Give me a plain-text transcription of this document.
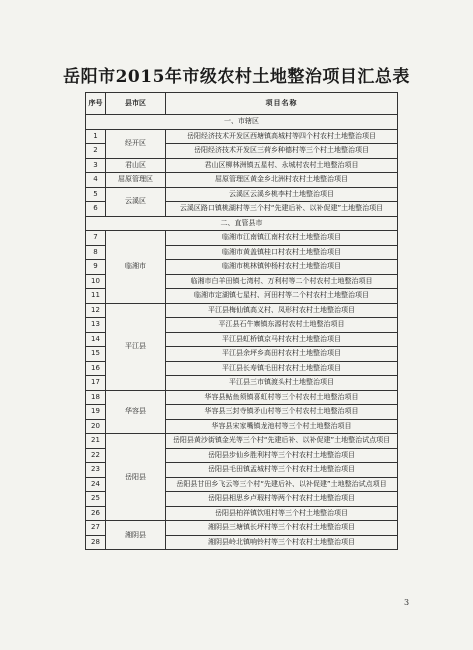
岳阳市2015年市级农村土地整治项目汇总表
序号	县市区	项目名称
一、市辖区		
1	经开区	岳阳经济技术开发区西塘镇高城村等四个村农村土地整治项目
2		岳阳经济技术开发区三荷乡种德村等三个村土地整治项目
3	君山区	君山区柳林洲镇五星村、永城村农村土地整治项目
4	屈原管理区	屈原管理区黄金乡北洲村农村土地整治项目
5	云溪区	云溪区云溪乡桃李村土地整治项目
6		云溪区路口镇桃湖村等三个村“先建后补、以补促建”土地整治项目
二、直管县市		
7	临湘市	临湘市江南镇江南村农村土地整治项目
8		临湘市黄盖镇桂口村农村土地整治项目
9		临湘市桃林镇钟杨村农村土地整治项目
10		临湘市白羊田镇七湾村、万利村等二个村农村土地整治项目
11		临湘市定湖镇七星村、河田村等二个村农村土地整治项目
12	平江县	平江县梅仙镇高义村、凤形村农村土地整治项目
13		平江县石牛寨镇东源村农村土地整治项目
14		平江县虹桥镇京马村农村土地整治项目
15		平江县余坪乡高田村农村土地整治项目
16		平江县长寿镇毛田村农村土地整治项目
17		平江县三市镇渡头村土地整治项目
18	华容县	华容县鲇鱼须镇喜虹村等三个村农村土地整治项目
19		华容县三封寺镇矛山村等三个村农村土地整治项目
20		华容县宋家嘴镇龙池村等三个村土地整治项目
21	岳阳县	岳阳县黄沙街镇金光等三个村“先建后补、以补促建”土地整治试点项目
22		岳阳县步仙乡胜利村等三个村农村土地整治项目
23		岳阳县毛田镇孟城村等三个村农村土地整治项目
24		岳阳县甘田乡飞云等三个村“先建后补、以补促建”土地整治试点项目
25		岳阳县相思乡卢瑕村等两个村农村土地整治项目
26		岳阳县柏祥镇饮咀村等三个村土地整治项目
27	湘阴县	湘阴县三塘镇长坪村等三个村农村土地整治项目
28		湘阴县岭北镇响铃村等三个村农村土地整治项目
3
